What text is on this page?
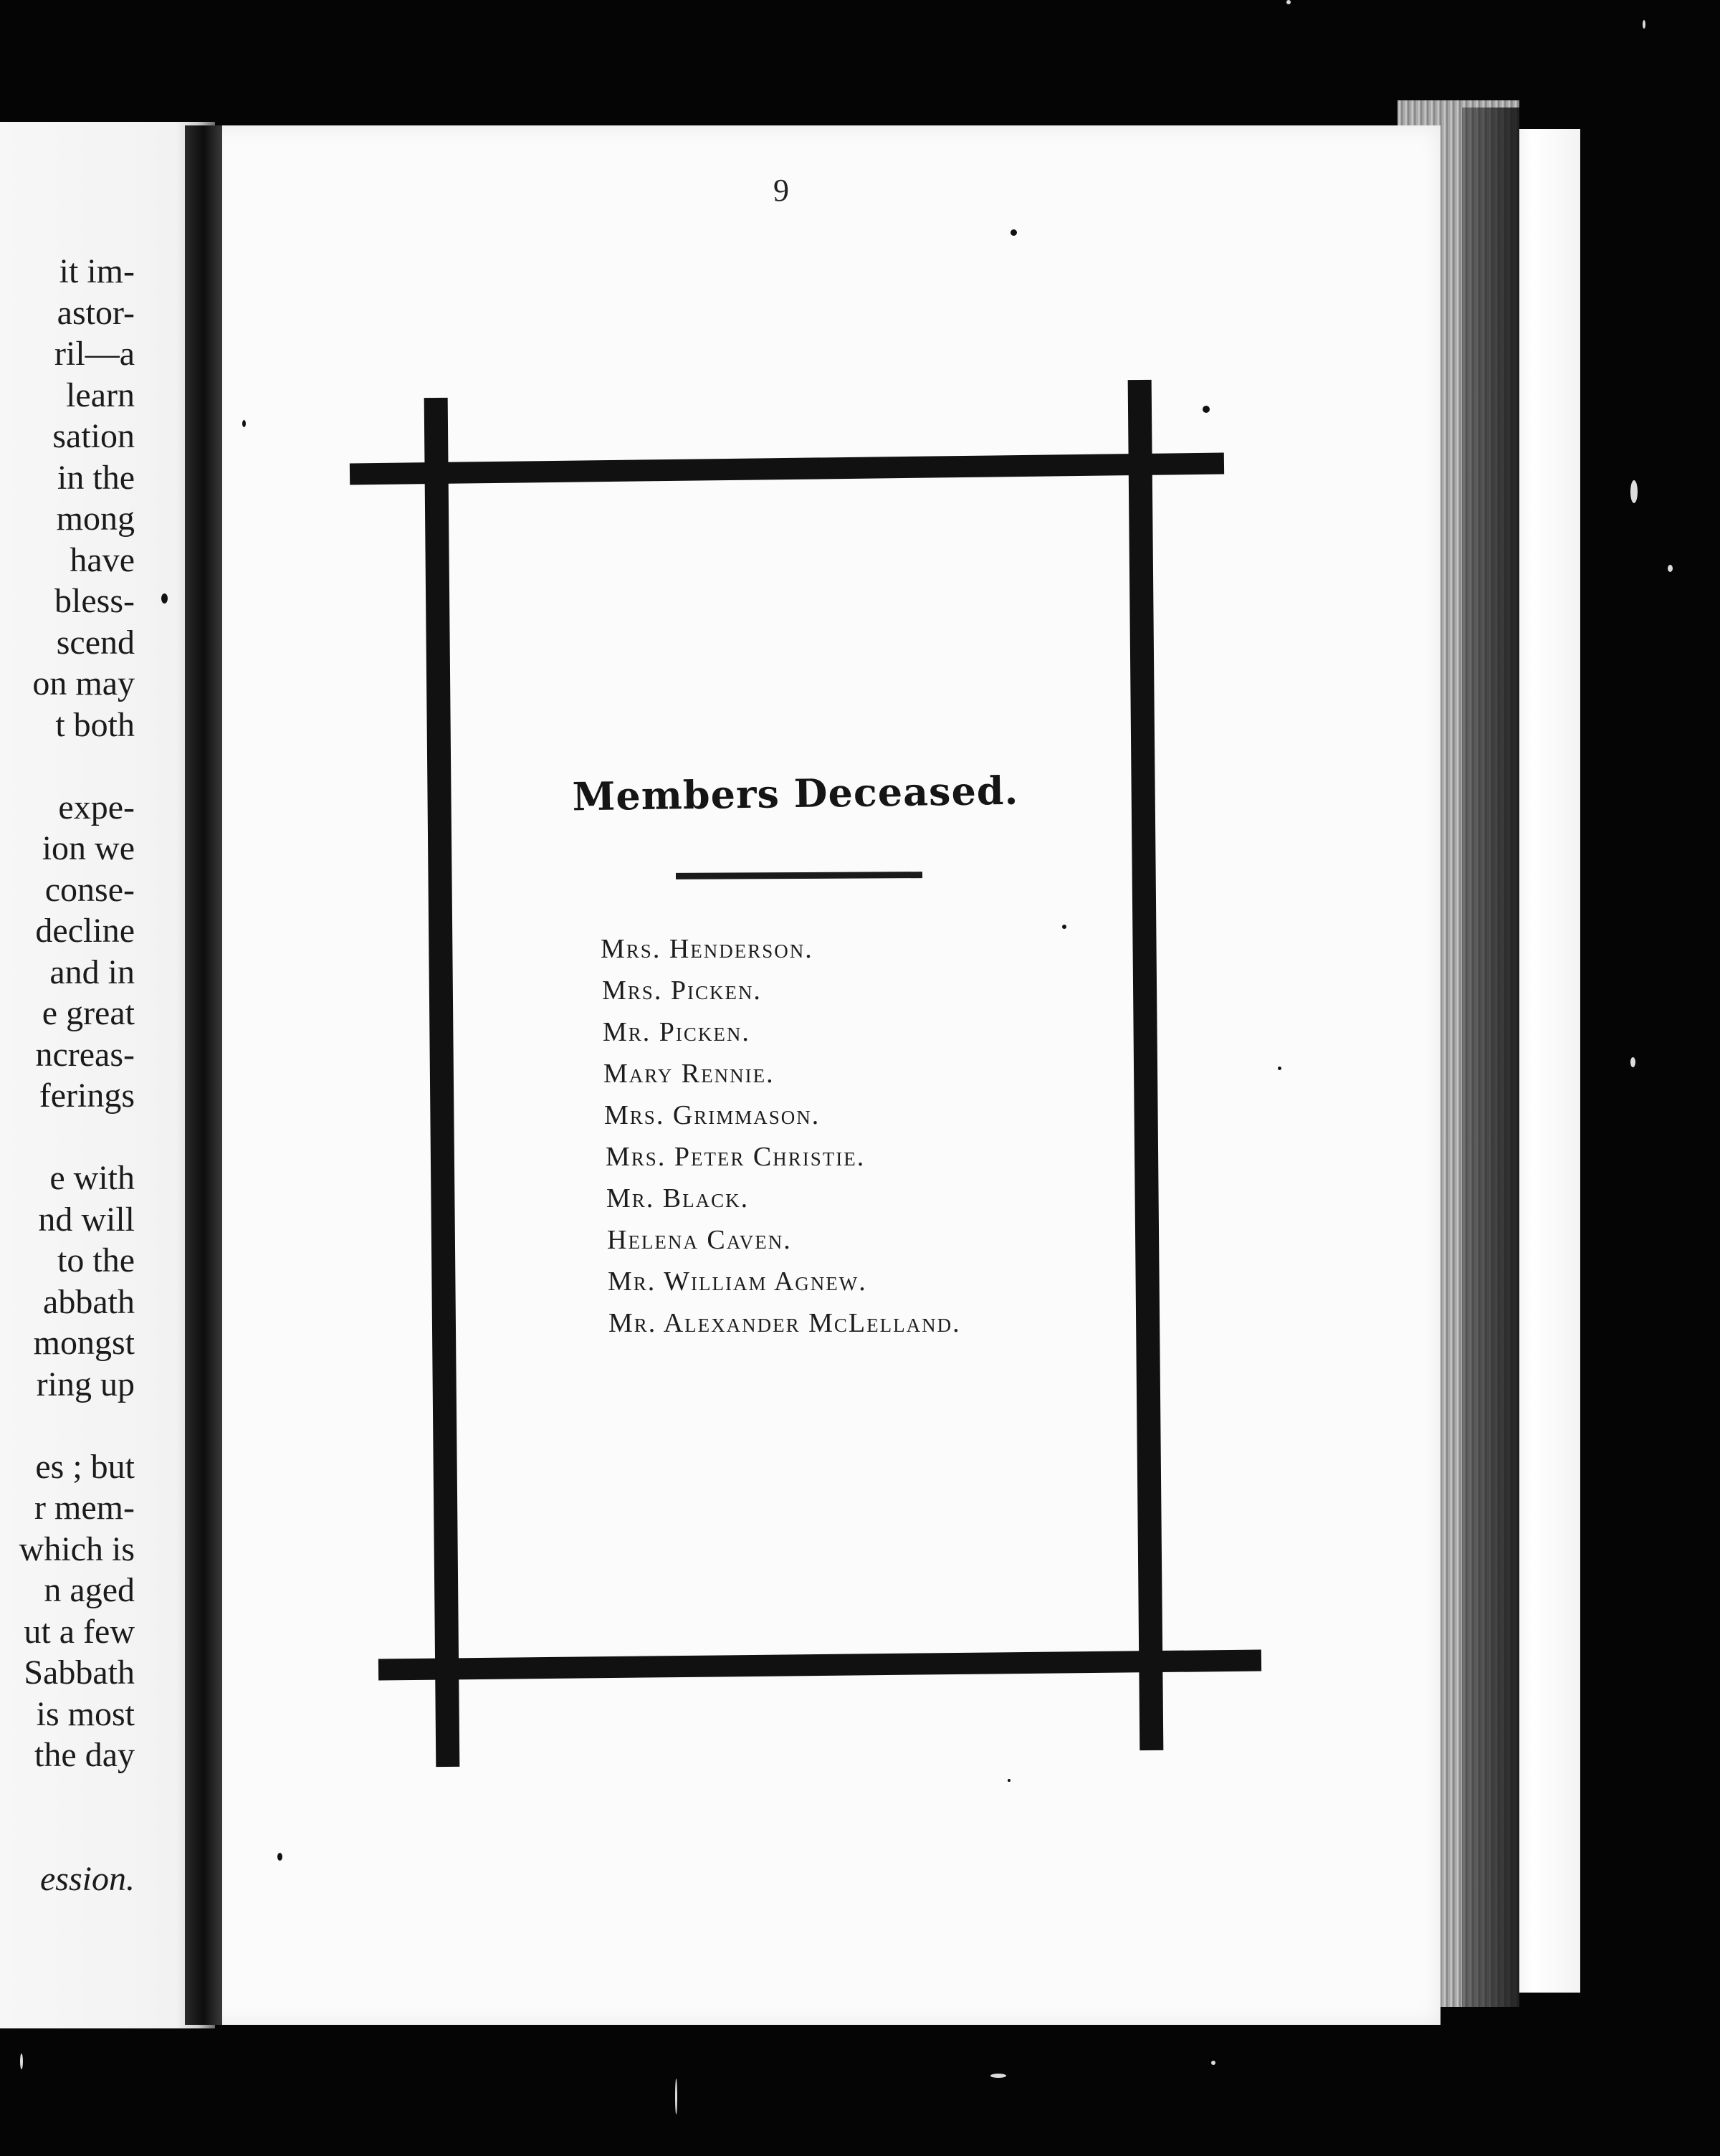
it im-
astor-
ril—a
learn
sation
in the
mong
have
bless-
scend
on may
t both
expe-
ion we
conse-
decline
and in
e great
ncreas-
ferings
e with
nd will
to the
abbath
mongst
ring up
es ; but
r mem-
which is
n aged
ut a few
Sabbath
is most
the day
ession.
9
Members Deceased.
Mrs. Henderson.
Mrs. Picken.
Mr. Picken.
Mary Rennie.
Mrs. Grimmason.
Mrs. Peter Christie.
Mr. Black.
Helena Caven.
Mr. William Agnew.
Mr. Alexander McLelland.
